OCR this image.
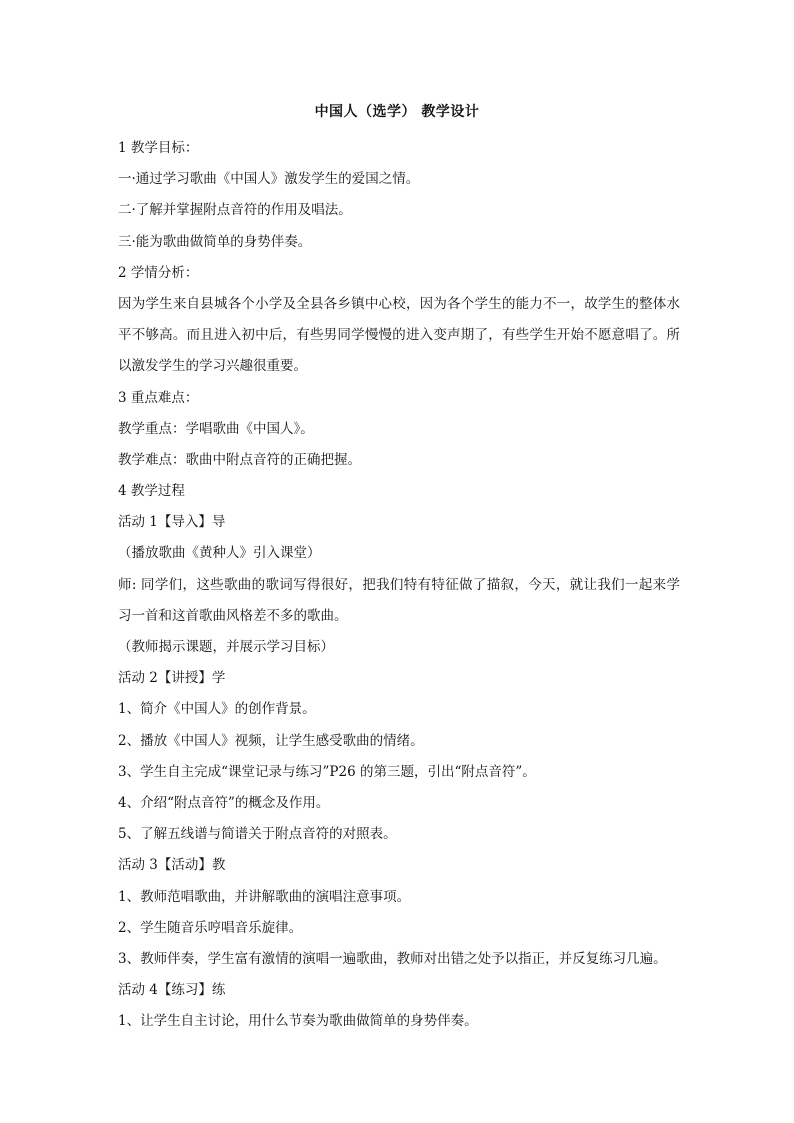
中国人（选学） 教学设计
1 教学目标：
一·通过学习歌曲《中国人》激发学生的爱国之情。
二·了解并掌握附点音符的作用及唱法。
三·能为歌曲做简单的身势伴奏。
2 学情分析：
因为学生来自县城各个小学及全县各乡镇中心校，因为各个学生的能力不一，故学生的整体水平不够高。而且进入初中后，有些男同学慢慢的进入变声期了，有些学生开始不愿意唱了。所以激发学生的学习兴趣很重要。
3 重点难点：
教学重点：学唱歌曲《中国人》。
教学难点：歌曲中附点音符的正确把握。
4 教学过程
活动 1【导入】导
（播放歌曲《黄种人》引入课堂）
师: 同学们，这些歌曲的歌词写得很好，把我们特有特征做了描叙，今天，就让我们一起来学习一首和这首歌曲风格差不多的歌曲。
（教师揭示课题，并展示学习目标）
活动 2【讲授】学
1、简介《中国人》的创作背景。
2、播放《中国人》视频，让学生感受歌曲的情绪。
3、学生自主完成“课堂记录与练习”P26 的第三题，引出“附点音符”。
4、介绍“附点音符”的概念及作用。
5、了解五线谱与简谱关于附点音符的对照表。
活动 3【活动】教
1、教师范唱歌曲，并讲解歌曲的演唱注意事项。
2、学生随音乐哼唱音乐旋律。
3、教师伴奏，学生富有激情的演唱一遍歌曲，教师对出错之处予以指正，并反复练习几遍。
活动 4【练习】练
1、让学生自主讨论，用什么节奏为歌曲做简单的身势伴奏。
